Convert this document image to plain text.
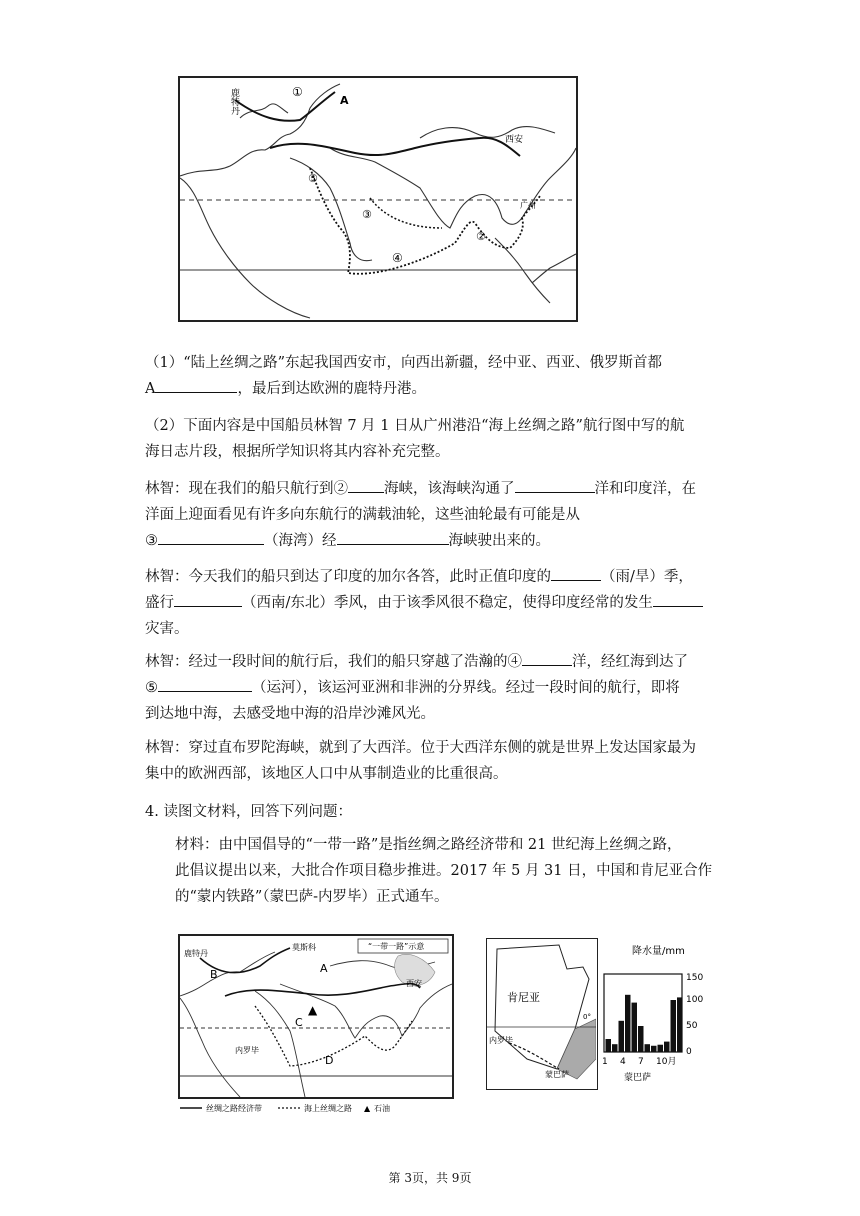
鹿特丹	A
①
西安
广州
⑤
③
④
②
（1）“陆上丝绸之路”东起我国西安市，向西出新疆，经中亚、西亚、俄罗斯首都
A	，最后到达欧洲的鹿特丹港。
（2）下面内容是中国船员林智 7 月 1 日从广州港沿“海上丝绸之路”航行图中写的航
海日志片段，根据所学知识将其内容补充完整。
林智：现在我们的船只航行到② 海峡，该海峡沟通了	洋和印度洋，在
洋面上迎面看见有许多向东航行的满载油轮，这些油轮最有可能是从
③	（海湾）经	海峡驶出来的。
林智：今天我们的船只到达了印度的加尔各答，此时正值印度的	（雨/旱）季，
盛行	（西南/东北）季风，由于该季风很不稳定，使得印度经常的发生
灾害。
林智：经过一段时间的航行后，我们的船只穿越了浩瀚的④	洋，经红海到达了
⑤	（运河），该运河亚洲和非洲的分界线。经过一段时间的航行，即将
到达地中海，去感受地中海的沿岸沙滩风光。
林智：穿过直布罗陀海峡，就到了大西洋。位于大西洋东侧的就是世界上发达国家最为
集中的欧洲西部，该地区人口中从事制造业的比重很高。
4. 读图文材料，回答下列问题：
材料：由中国倡导的“一带一路”是指丝绸之路经济带和 21 世纪海上丝绸之路，
此倡议提出以来，大批合作项目稳步推进。2017 年 5 月 31 日，中国和肯尼亚合作
的“蒙内铁路”（蒙巴萨-内罗毕）正式通车。
“一带一路”示意
鹿特丹
莫斯科
西安
内罗毕
A
B
C
D
▲
丝绸之路经济带	海上丝绸之路 ▲ 石油
肯尼亚
内罗毕
蒙巴萨
0°
降水量/mm
150
100
50
0
1 4 7 10月
蒙巴萨
第 3页，共 9页
